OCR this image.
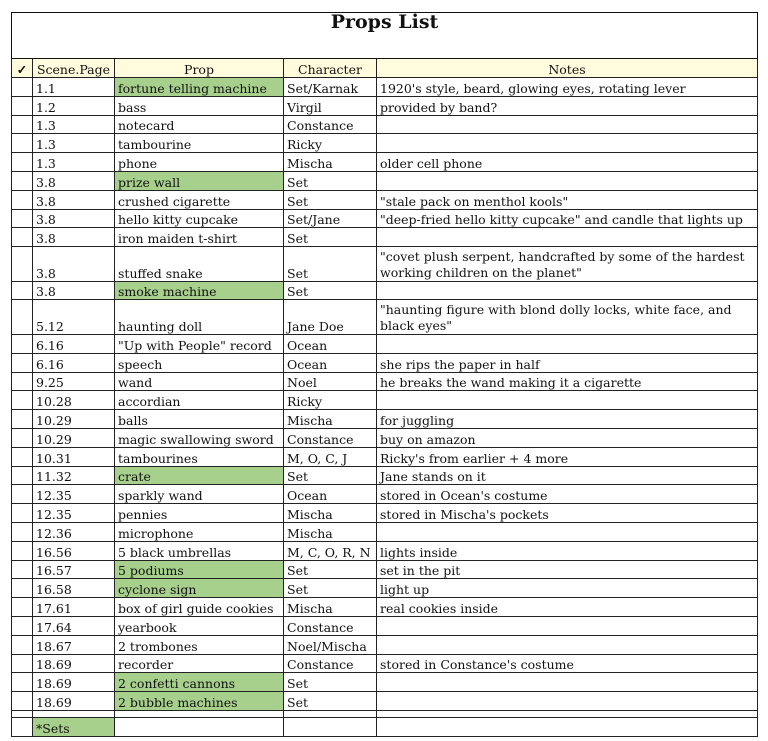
Props List				
✓	Scene.Page	Prop	Character	Notes
	1.1	fortune telling machine	Set/Karnak	1920's style, beard, glowing eyes, rotating lever
	1.2	bass	Virgil	provided by band?
	1.3	notecard	Constance	
	1.3	tambourine	Ricky	
	1.3	phone	Mischa	older cell phone
	3.8	prize wall	Set	
	3.8	crushed cigarette	Set	"stale pack on menthol kools"
	3.8	hello kitty cupcake	Set/Jane	"deep-fried hello kitty cupcake" and candle that lights up
	3.8	iron maiden t-shirt	Set	
	3.8	stuffed snake	Set	"covet plush serpent, handcrafted by some of the hardest working children on the planet"
	3.8	smoke machine	Set	
	5.12	haunting doll	Jane Doe	"haunting figure with blond dolly locks, white face, and black eyes"
	6.16	"Up with People" record	Ocean	
	6.16	speech	Ocean	she rips the paper in half
	9.25	wand	Noel	he breaks the wand making it a cigarette
	10.28	accordian	Ricky	
	10.29	balls	Mischa	for juggling
	10.29	magic swallowing sword	Constance	buy on amazon
	10.31	tambourines	M, O, C, J	Ricky's from earlier + 4 more
	11.32	crate	Set	Jane stands on it
	12.35	sparkly wand	Ocean	stored in Ocean's costume
	12.35	pennies	Mischa	stored in Mischa's pockets
	12.36	microphone	Mischa	
	16.56	5 black umbrellas	M, C, O, R, N	lights inside
	16.57	5 podiums	Set	set in the pit
	16.58	cyclone sign	Set	light up
	17.61	box of girl guide cookies	Mischa	real cookies inside
	17.64	yearbook	Constance	
	18.67	2 trombones	Noel/Mischa	
	18.69	recorder	Constance	stored in Constance's costume
	18.69	2 confetti cannons	Set	
	18.69	2 bubble machines	Set	

	*Sets			
